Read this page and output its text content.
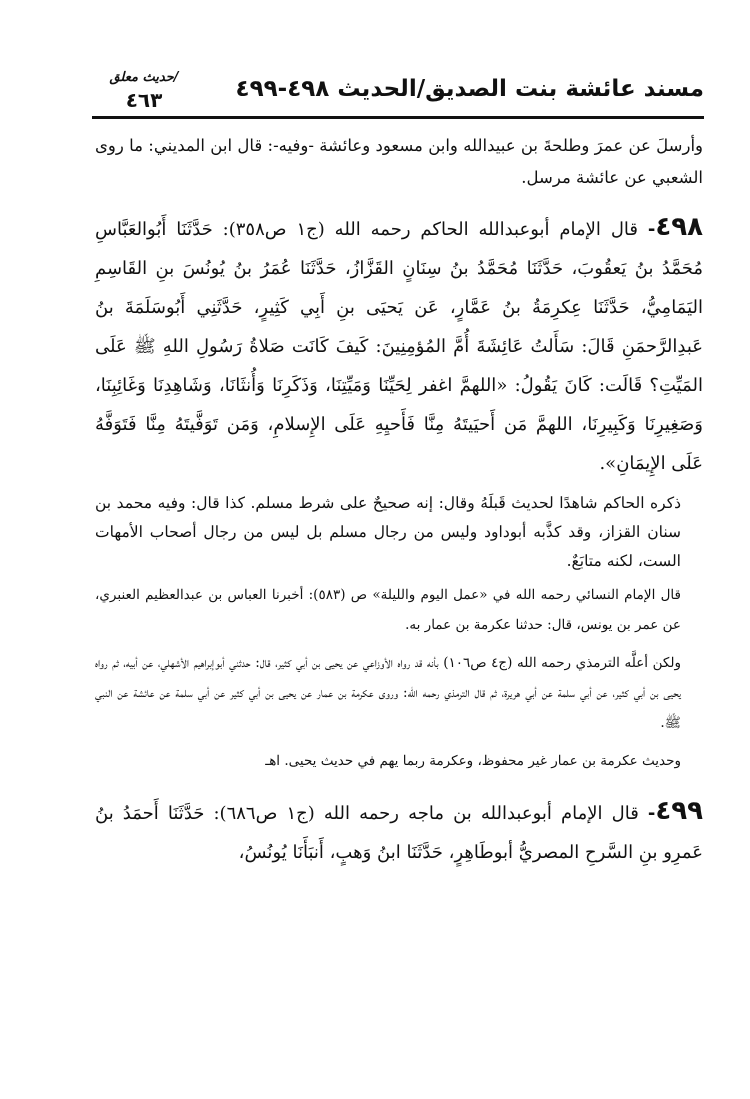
مسند عائشة بنت الصديق/الحديث ٤٩٨-٤٩٩
/حديث معلق
٤٦٣

وأرسلَ عن عمرَ وطلحةَ بن عبيدالله وابن مسعود وعائشة -وفيه-: قال ابن المديني: ما روى الشعبي عن عائشة مرسل.

٤٩٨- قال الإمام أبوعبدالله الحاكم رحمه الله (ج١ ص٣٥٨): حَدَّثَنَا أَبُوالعَبَّاسِ مُحَمَّدُ بنُ يَعقُوبَ، حَدَّثَنَا مُحَمَّدُ بنُ سِنَانٍ القَزَّازُ، حَدَّثَنَا عُمَرُ بنُ يُونُسَ بنِ القَاسِمِ اليَمَامِيُّ، حَدَّثَنَا عِكرِمَةُ بنُ عَمَّارٍ، عَن يَحيَى بنِ أَبِي كَثِيرٍ، حَدَّثَنِي أَبُوسَلَمَةَ بنُ عَبدِالرَّحمَنِ قَالَ: سَأَلتُ عَائِشَةَ أُمَّ المُؤمِنِينَ: كَيفَ كَانَت صَلاةُ رَسُولِ اللهِ ﷺ عَلَى المَيِّتِ؟ قَالَت: كَانَ يَقُولُ: «اللهمَّ اغفر لِحَيِّنَا وَمَيِّتِنَا، وَذَكَرِنَا وَأُنثَانَا، وَشَاهِدِنَا وَغَائِبِنَا، وَصَغِيرِنَا وَكَبِيرِنَا، اللهمَّ مَن أَحيَيتَهُ مِنَّا فَأَحيِهِ عَلَى الإِسلامِ، وَمَن تَوَفَّيتَهُ مِنَّا فَتَوَفَّهُ عَلَى الإِيمَانِ».

ذكره الحاكم شاهدًا لحديث قَبلَهُ وقال: إنه صحيحٌ على شرط مسلم. كذا قال: وفيه محمد بن سنان القزاز، وقد كذَّبه أبوداود وليس من رجال مسلم بل ليس من رجال أصحاب الأمهات الست، لكنه متابَعٌ.

قال الإمام النسائي رحمه الله في «عمل اليوم والليلة» ص (٥٨٣): أخبرنا العباس بن عبدالعظيم العنبري، عن عمر بن يونس، قال: حدثنا عكرمة بن عمار به.

ولكن أعلَّه الترمذي رحمه الله (ج٤ ص١٠٦) بأنه قد رواه الأوزاعي عن يحيى بن أبي كثير، قال: حدثني أبوإبراهيم الأشهلي، عن أبيه، ثم رواه يحيى بن أبي كثير، عن أبي سلمة عن أبي هريرة، ثم قال الترمذي رحمه الله: وروى عكرمة بن عمار عن يحيى بن أبي كثير عن أبي سلمة عن عائشة عن النبي ﷺ.

وحديث عكرمة بن عمار غير محفوظ، وعكرمة ربما يهم في حديث يحيى. اهـ

٤٩٩- قال الإمام أبوعبدالله بن ماجه رحمه الله (ج١ ص٦٨٦): حَدَّثَنَا أَحمَدُ بنُ عَمرِو بنِ السَّرحِ المصريُّ أبوطَاهِرٍ، حَدَّثَنَا ابنُ وَهبٍ، أَنبَأَنَا يُونُسُ،
